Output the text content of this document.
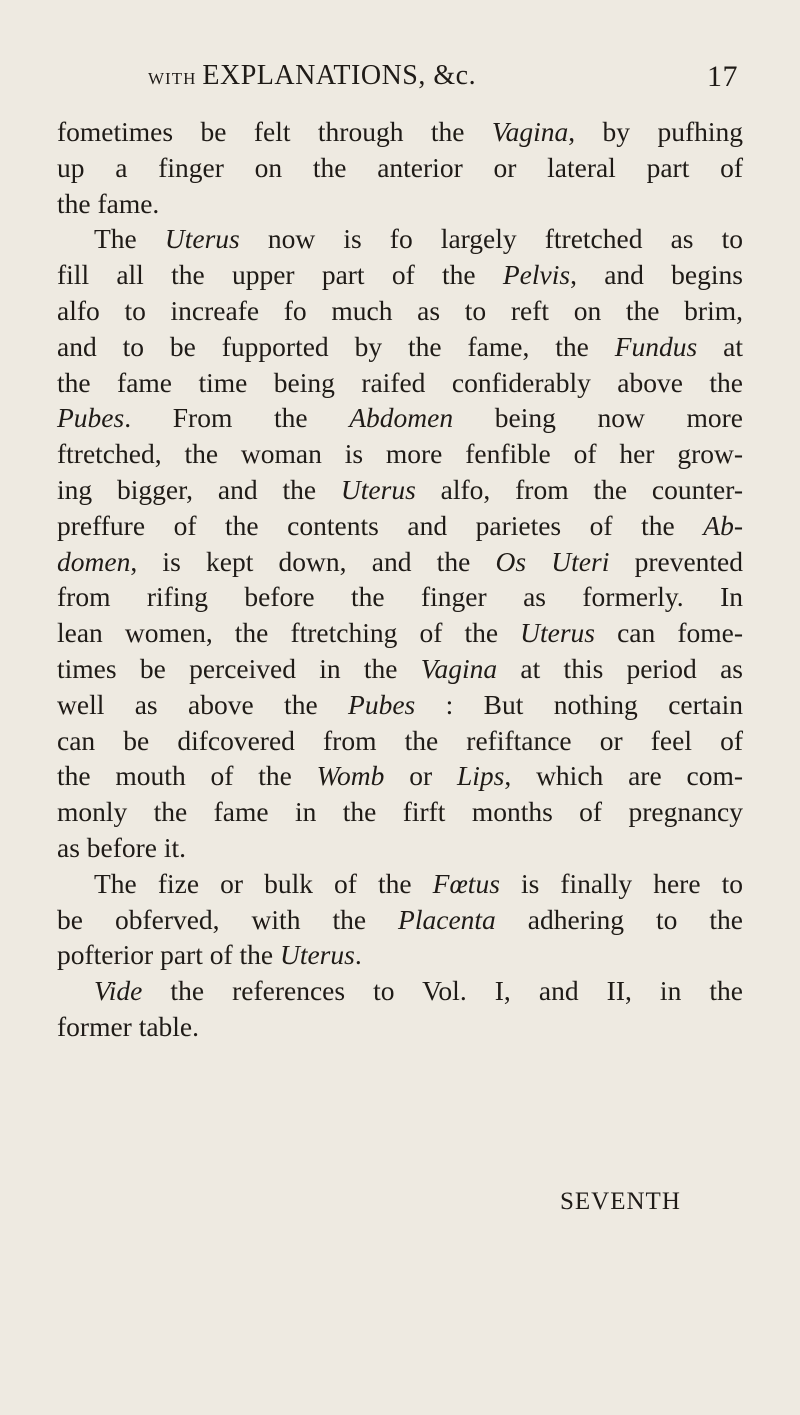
WITH EXPLANATIONS, &c.	17

fometimes be felt through the Vagina, by pufhing
up a finger on the anterior or lateral part of
the fame.

The Uterus now is fo largely ftretched as to
fill all the upper part of the Pelvis, and begins
alfo to increafe fo much as to reft on the brim,
and to be fupported by the fame, the Fundus at
the fame time being raifed confiderably above the
Pubes. From the Abdomen being now more
ftretched, the woman is more fenfible of her grow-
ing bigger, and the Uterus alfo, from the counter-
preffure of the contents and parietes of the Ab-
domen, is kept down, and the Os Uteri prevented
from rifing before the finger as formerly. In
lean women, the ftretching of the Uterus can fome-
times be perceived in the Vagina at this period as
well as above the Pubes : But nothing certain
can be difcovered from the refiftance or feel of
the mouth of the Womb or Lips, which are com-
monly the fame in the firft months of pregnancy
as before it.

The fize or bulk of the Fœtus is finally here to
be obferved, with the Placenta adhering to the
pofterior part of the Uterus.

Vide the references to Vol. I, and II, in the
former table.

SEVENTH
